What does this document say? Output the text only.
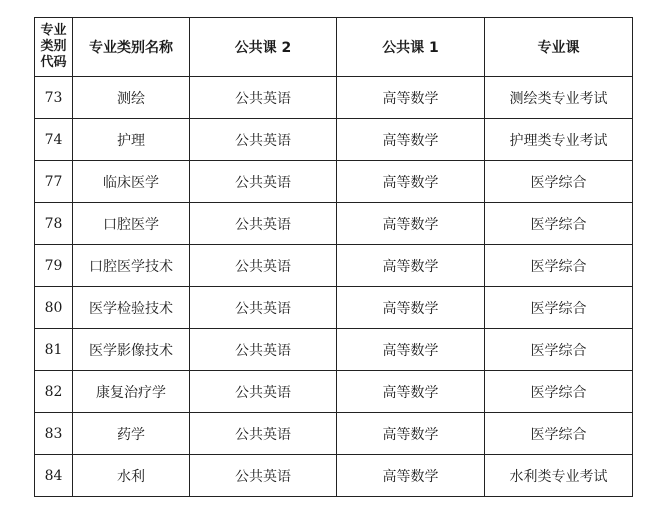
专业
类别
代码	专业类别名称	公共课 2	公共课 1	专业课
73	测绘	公共英语	高等数学	测绘类专业考试
74	护理	公共英语	高等数学	护理类专业考试
77	临床医学	公共英语	高等数学	医学综合
78	口腔医学	公共英语	高等数学	医学综合
79	口腔医学技术	公共英语	高等数学	医学综合
80	医学检验技术	公共英语	高等数学	医学综合
81	医学影像技术	公共英语	高等数学	医学综合
82	康复治疗学	公共英语	高等数学	医学综合
83	药学	公共英语	高等数学	医学综合
84	水利	公共英语	高等数学	水利类专业考试
